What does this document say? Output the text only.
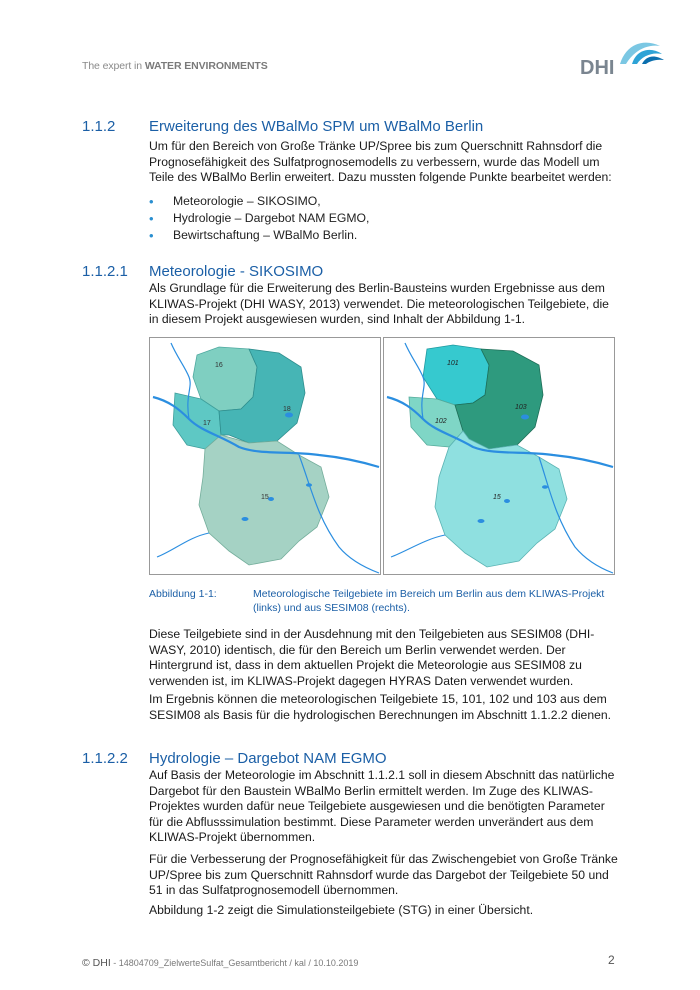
The expert in WATER ENVIRONMENTS	DHI
1.1.2 Erweiterung des WBalMo SPM um WBalMo Berlin
Um für den Bereich von Große Tränke UP/Spree bis zum Querschnitt Rahnsdorf die Prognosefähigkeit des Sulfatprognosemodells zu verbessern, wurde das Modell um Teile des WBalMo Berlin erweitert. Dazu mussten folgende Punkte bearbeitet werden:
• Meteorologie – SIKOSIMO,
• Hydrologie – Dargebot NAM EGMO,
• Bewirtschaftung – WBalMo Berlin.
1.1.2.1 Meteorologie - SIKOSIMO
Als Grundlage für die Erweiterung des Berlin-Bausteins wurden Ergebnisse aus dem KLIWAS-Projekt (DHI WASY, 2013) verwendet. Die meteorologischen Teilgebiete, die in diesem Projekt ausgewiesen wurden, sind Inhalt der Abbildung 1-1.
16
17
18
15
101
102
103
15
Abbildung 1-1:	Meteorologische Teilgebiete im Bereich um Berlin aus dem KLIWAS-Projekt (links) und aus SESIM08 (rechts).
Diese Teilgebiete sind in der Ausdehnung mit den Teilgebieten aus SESIM08 (DHI-WASY, 2010) identisch, die für den Bereich um Berlin verwendet werden. Der Hintergrund ist, dass in dem aktuellen Projekt die Meteorologie aus SESIM08 zu verwenden ist, im KLIWAS-Projekt dagegen HYRAS Daten verwendet wurden.
Im Ergebnis können die meteorologischen Teilgebiete 15, 101, 102 und 103 aus dem SESIM08 als Basis für die hydrologischen Berechnungen im Abschnitt 1.1.2.2 dienen.
1.1.2.2 Hydrologie – Dargebot NAM EGMO
Auf Basis der Meteorologie im Abschnitt 1.1.2.1 soll in diesem Abschnitt das natürliche Dargebot für den Baustein WBalMo Berlin ermittelt werden. Im Zuge des KLIWAS-Projektes wurden dafür neue Teilgebiete ausgewiesen und die benötigten Parameter für die Abflusssimulation bestimmt. Diese Parameter werden unverändert aus dem KLIWAS-Projekt übernommen.
Für die Verbesserung der Prognosefähigkeit für das Zwischengebiet von Große Tränke UP/Spree bis zum Querschnitt Rahnsdorf wurde das Dargebot der Teilgebiete 50 und 51 in das Sulfatprognosemodell übernommen.
Abbildung 1-2 zeigt die Simulationsteilgebiete (STG) in einer Übersicht.
© DHI - 14804709_ZielwerteSulfat_Gesamtbericht / kal / 10.10.2019	2
